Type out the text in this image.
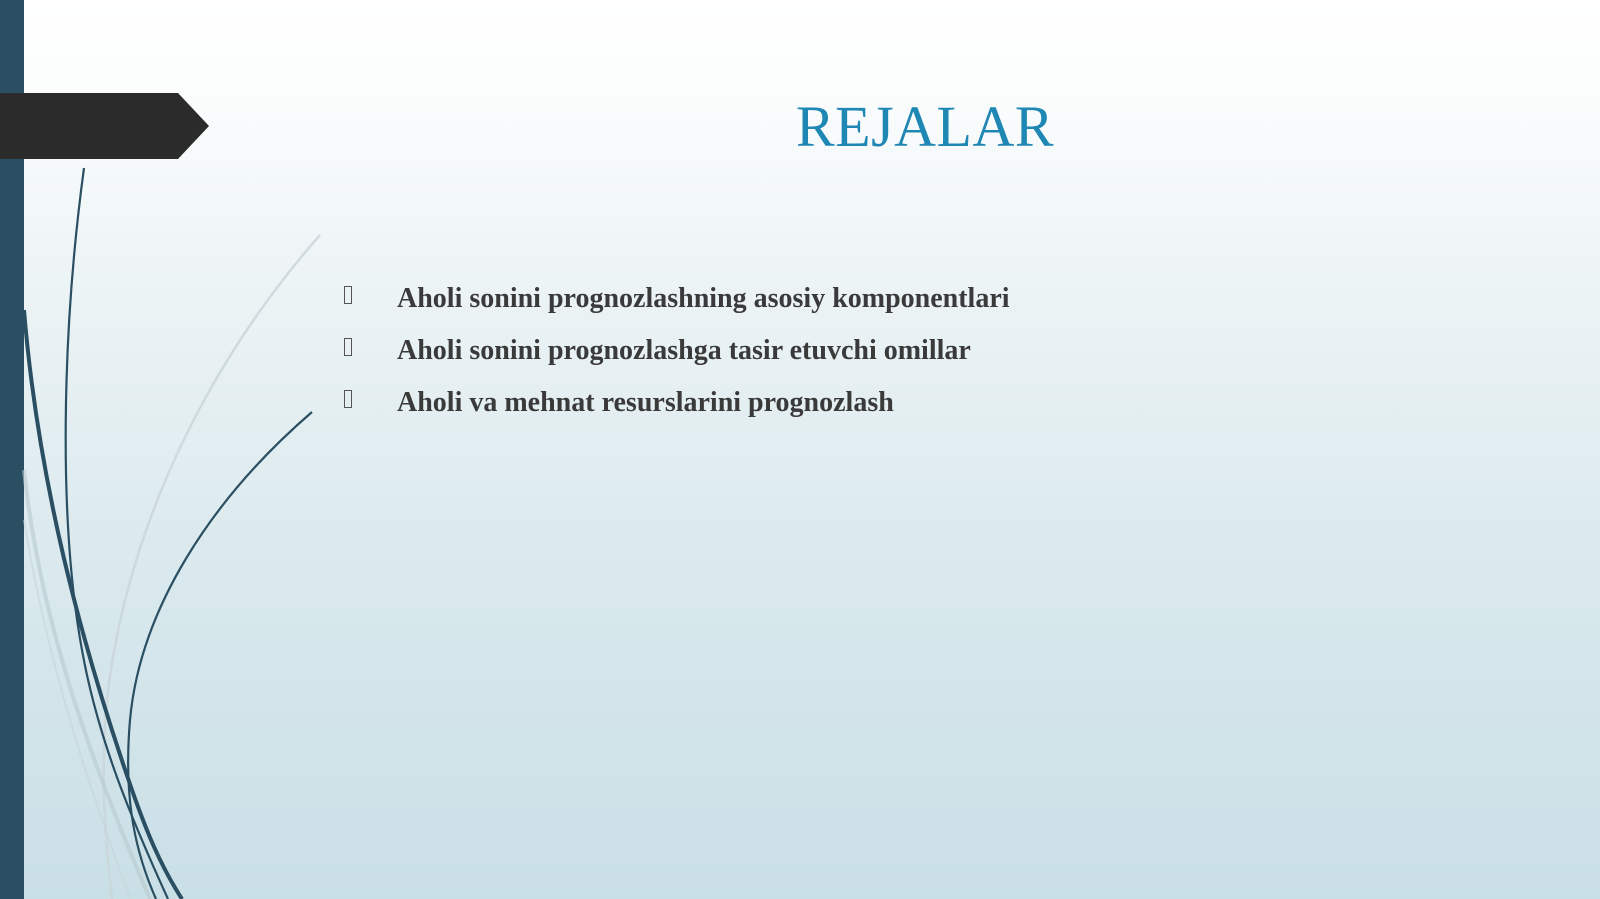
REJALAR
Aholi sonini prognozlashning asosiy komponentlari
Aholi sonini prognozlashga tasir etuvchi omillar
Aholi va mehnat resurslarini prognozlash
